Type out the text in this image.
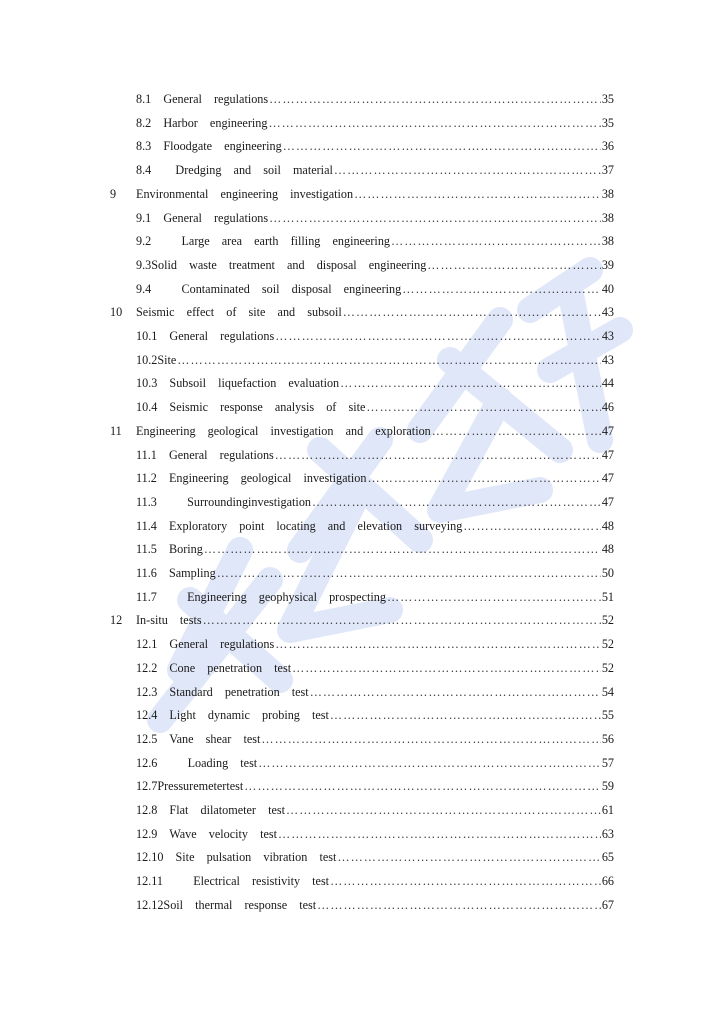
8.1  General  regulations ……………………………………………………………………………………………………………………………………	35
8.2  Harbor  engineering ……………………………………………………………………………………………………………………………………	35
8.3  Floodgate  engineering ……………………………………………………………………………………………………………………………………	36
8.4    Dredging  and  soil  material ……………………………………………………………………………………………………………………………………	37
9 Environmental  engineering  investigation ……………………………………………………………………………………………………………………………………	38
9.1  General  regulations ……………………………………………………………………………………………………………………………………	38
9.2     Large  area  earth  filling  engineering ……………………………………………………………………………………………………………………………………	38
9.3Solid  waste  treatment  and  disposal  engineering ……………………………………………………………………………………………………………………………………	39
9.4     Contaminated  soil  disposal  engineering ……………………………………………………………………………………………………………………………………	40
10 Seismic  effect  of  site  and  subsoil ……………………………………………………………………………………………………………………………………	43
10.1  General  regulations ……………………………………………………………………………………………………………………………………	43
10.2Site ……………………………………………………………………………………………………………………………………	43
10.3  Subsoil  liquefaction  evaluation ……………………………………………………………………………………………………………………………………	44
10.4  Seismic  response  analysis  of  site ……………………………………………………………………………………………………………………………………	46
11 Engineering  geological  investigation  and  exploration ……………………………………………………………………………………………………………………………………	47
11.1  General  regulations ……………………………………………………………………………………………………………………………………	47
11.2  Engineering  geological  investigation ……………………………………………………………………………………………………………………………………	47
11.3     Surroundinginvestigation ……………………………………………………………………………………………………………………………………	47
11.4  Exploratory  point  locating  and  elevation  surveying ……………………………………………………………………………………………………………………………………	48
11.5  Boring ……………………………………………………………………………………………………………………………………	48
11.6  Sampling ……………………………………………………………………………………………………………………………………	50
11.7     Engineering  geophysical  prospecting ……………………………………………………………………………………………………………………………………	51
12 In-situ  tests ……………………………………………………………………………………………………………………………………	52
12.1  General  regulations ……………………………………………………………………………………………………………………………………	52
12.2  Cone  penetration  test ……………………………………………………………………………………………………………………………………	52
12.3  Standard  penetration  test ……………………………………………………………………………………………………………………………………	54
12.4  Light  dynamic  probing  test ……………………………………………………………………………………………………………………………………	55
12.5  Vane  shear  test ……………………………………………………………………………………………………………………………………	56
12.6     Loading  test ……………………………………………………………………………………………………………………………………	57
12.7Pressuremetertest ……………………………………………………………………………………………………………………………………	59
12.8  Flat  dilatometer  test ……………………………………………………………………………………………………………………………………	61
12.9  Wave  velocity  test ……………………………………………………………………………………………………………………………………	63
12.10  Site  pulsation  vibration  test ……………………………………………………………………………………………………………………………………	65
12.11     Electrical  resistivity  test ……………………………………………………………………………………………………………………………………	66
12.12Soil  thermal  response  test ……………………………………………………………………………………………………………………………………	67
